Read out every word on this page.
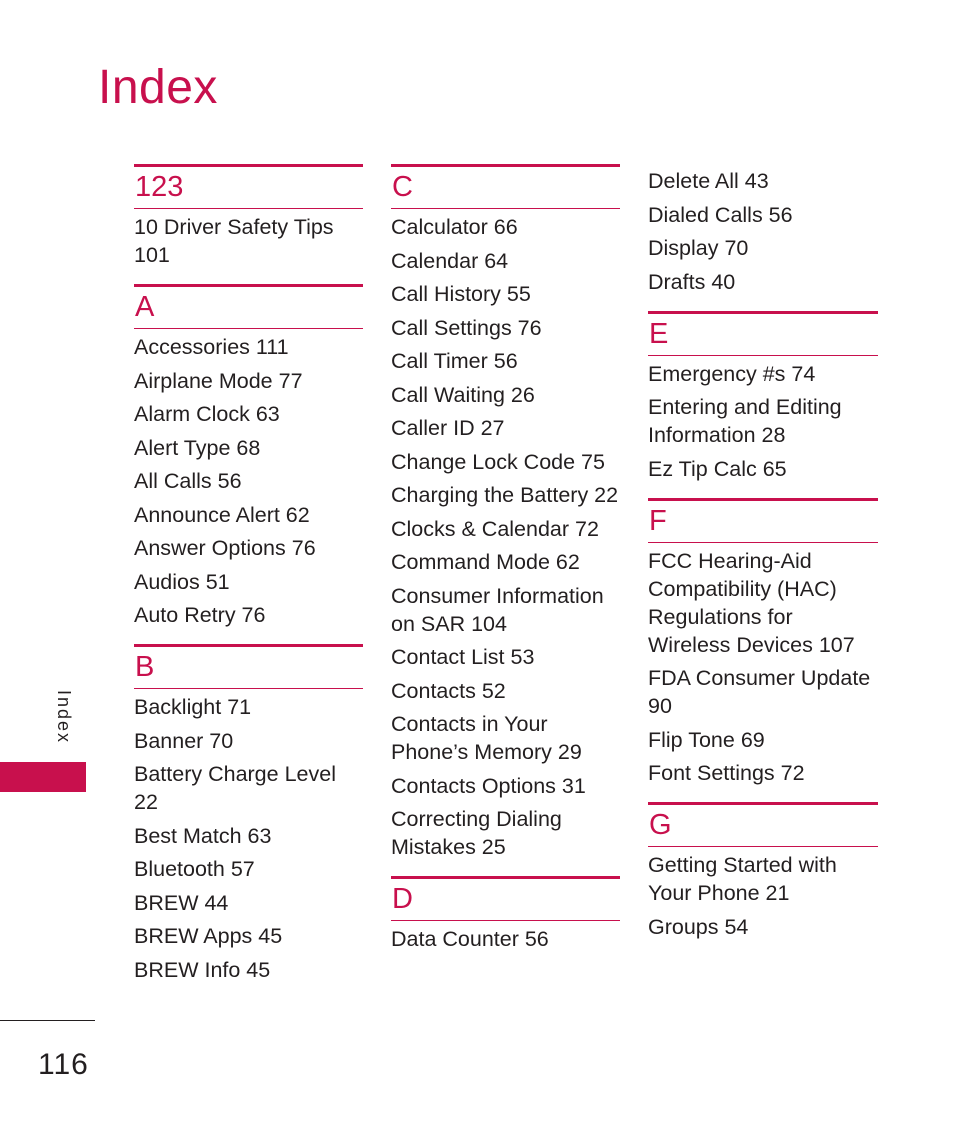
Index
123
10 Driver Safety Tips 101
A
Accessories 111
Airplane Mode 77
Alarm Clock 63
Alert Type 68
All Calls 56
Announce Alert 62
Answer Options 76
Audios 51
Auto Retry 76
B
Backlight 71
Banner 70
Battery Charge Level 22
Best Match 63
Bluetooth 57
BREW 44
BREW Apps 45
BREW Info 45
C
Calculator 66
Calendar 64
Call History 55
Call Settings 76
Call Timer 56
Call Waiting 26
Caller ID 27
Change Lock Code 75
Charging the Battery 22
Clocks & Calendar 72
Command Mode 62
Consumer Information on SAR 104
Contact List 53
Contacts 52
Contacts in Your Phone’s Memory 29
Contacts Options 31
Correcting Dialing Mistakes 25
D
Data Counter 56
Delete All 43
Dialed Calls 56
Display 70
Drafts 40
E
Emergency #s 74
Entering and Editing Information 28
Ez Tip Calc 65
F
FCC Hearing-Aid Compatibility (HAC) Regulations for Wireless Devices 107
FDA Consumer Update 90
Flip Tone 69
Font Settings 72
G
Getting Started with Your Phone 21
Groups 54
Index
116
